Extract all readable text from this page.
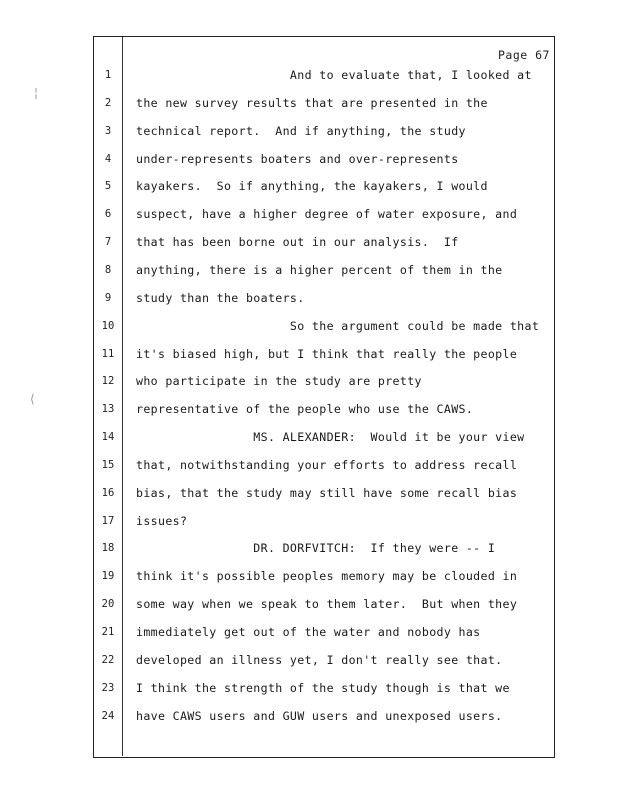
¦
⟨
Page 67
1	And to evaluate that, I looked at
2	the new survey results that are presented in the
3	technical report.  And if anything, the study
4	under-represents boaters and over-represents
5	kayakers.  So if anything, the kayakers, I would
6	suspect, have a higher degree of water exposure, and
7	that has been borne out in our analysis.  If
8	anything, there is a higher percent of them in the
9	study than the boaters.
10	So the argument could be made that
11	it's biased high, but I think that really the people
12	who participate in the study are pretty
13	representative of the people who use the CAWS.
14	MS. ALEXANDER:  Would it be your view
15	that, notwithstanding your efforts to address recall
16	bias, that the study may still have some recall bias
17	issues?
18	DR. DORFVITCH:  If they were -- I
19	think it's possible peoples memory may be clouded in
20	some way when we speak to them later.  But when they
21	immediately get out of the water and nobody has
22	developed an illness yet, I don't really see that.
23	I think the strength of the study though is that we
24	have CAWS users and GUW users and unexposed users.
